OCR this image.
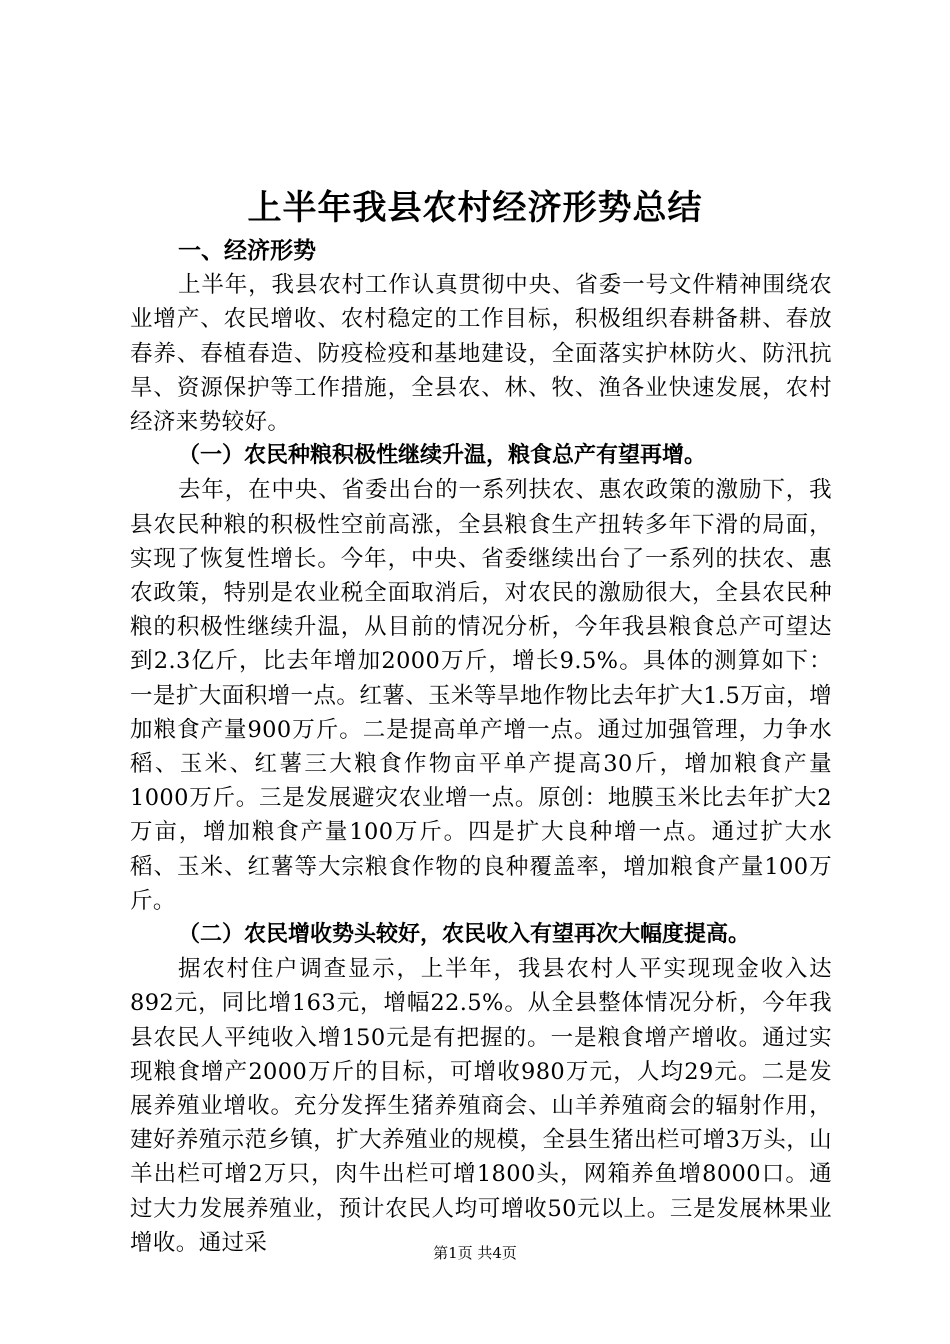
上半年我县农村经济形势总结

一、经济形势

上半年，我县农村工作认真贯彻中央、省委一号文件精神围绕农业增产、农民增收、农村稳定的工作目标，积极组织春耕备耕、春放春养、春植春造、防疫检疫和基地建设，全面落实护林防火、防汛抗旱、资源保护等工作措施，全县农、林、牧、渔各业快速发展，农村经济来势较好。

（一）农民种粮积极性继续升温，粮食总产有望再增。

去年，在中央、省委出台的一系列扶农、惠农政策的激励下，我县农民种粮的积极性空前高涨，全县粮食生产扭转多年下滑的局面，实现了恢复性增长。今年，中央、省委继续出台了一系列的扶农、惠农政策，特别是农业税全面取消后，对农民的激励很大，全县农民种粮的积极性继续升温，从目前的情况分析，今年我县粮食总产可望达到2.3亿斤，比去年增加2000万斤，增长9.5%。具体的测算如下：一是扩大面积增一点。红薯、玉米等旱地作物比去年扩大1.5万亩，增加粮食产量900万斤。二是提高单产增一点。通过加强管理，力争水稻、玉米、红薯三大粮食作物亩平单产提高30斤，增加粮食产量1000万斤。三是发展避灾农业增一点。原创：地膜玉米比去年扩大2万亩，增加粮食产量100万斤。四是扩大良种增一点。通过扩大水稻、玉米、红薯等大宗粮食作物的良种覆盖率，增加粮食产量100万斤。

（二）农民增收势头较好，农民收入有望再次大幅度提高。

据农村住户调查显示，上半年，我县农村人平实现现金收入达892元，同比增163元，增幅22.5%。从全县整体情况分析，今年我县农民人平纯收入增150元是有把握的。一是粮食增产增收。通过实现粮食增产2000万斤的目标，可增收980万元，人均29元。二是发展养殖业增收。充分发挥生猪养殖商会、山羊养殖商会的辐射作用，建好养殖示范乡镇，扩大养殖业的规模，全县生猪出栏可增3万头，山羊出栏可增2万只，肉牛出栏可增1800头，网箱养鱼增8000口。通过大力发展养殖业，预计农民人均可增收50元以上。三是发展林果业增收。通过采	第1页 共4页
